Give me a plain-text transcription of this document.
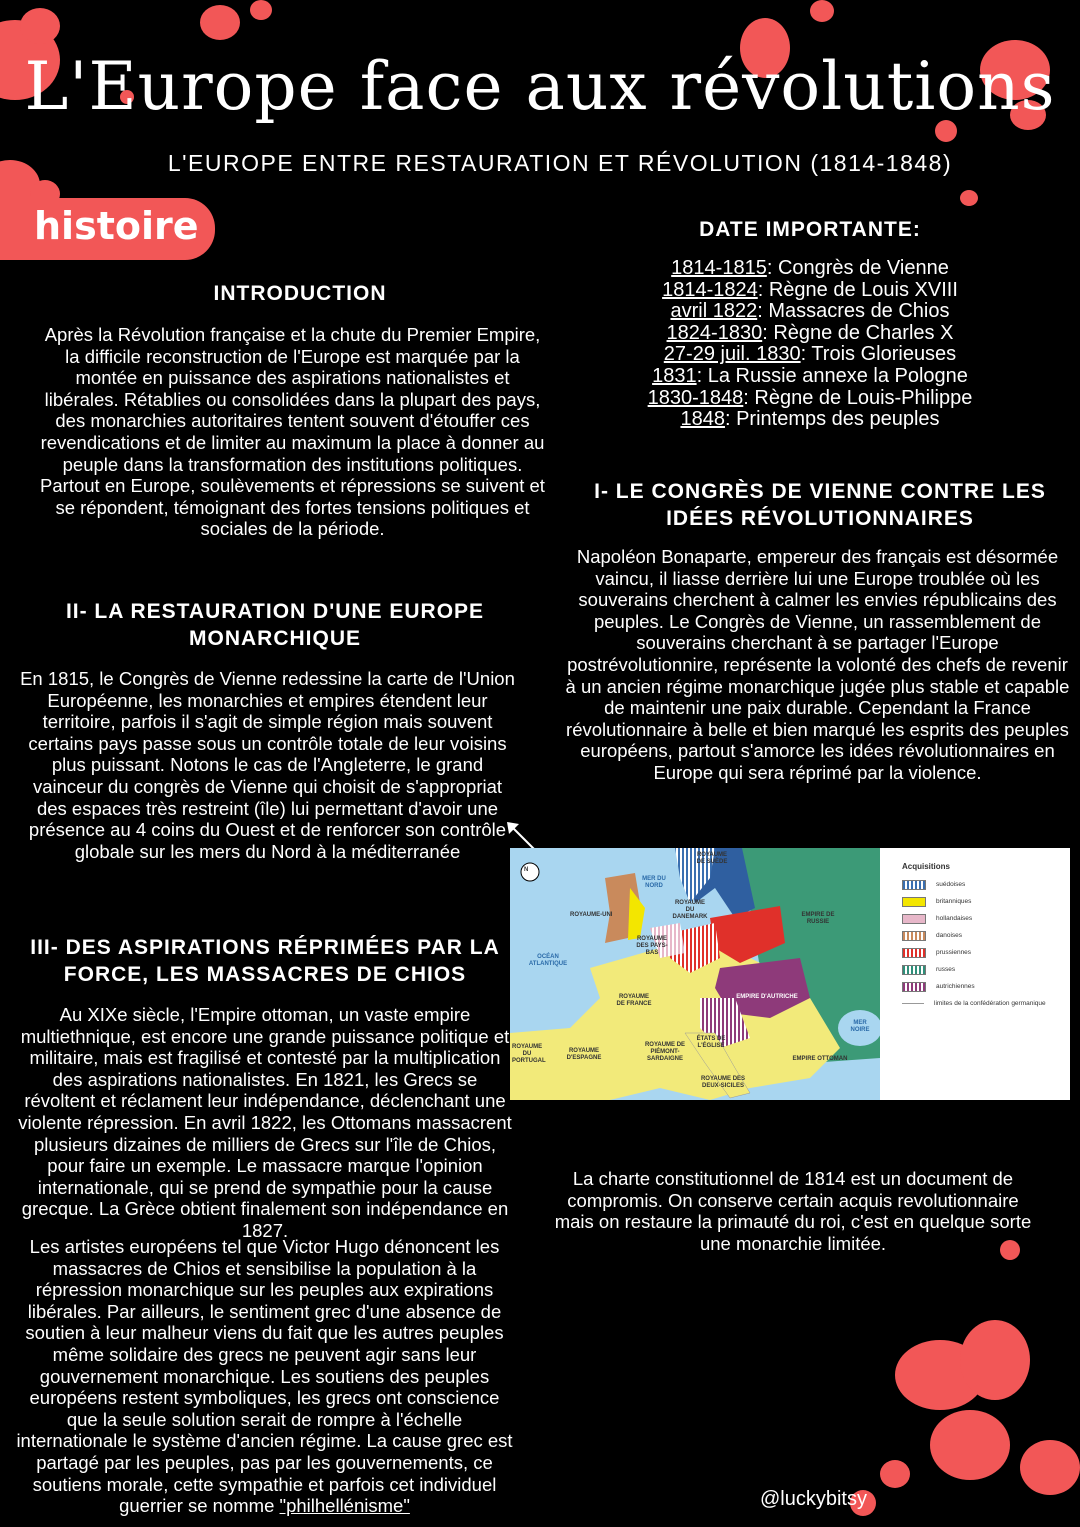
L'Europe face aux révolutions
L'EUROPE ENTRE RESTAURATION ET RÉVOLUTION (1814-1848)
histoire
INTRODUCTION

Après la Révolution française et la chute du Premier Empire, la difficile reconstruction de l'Europe est marquée par la montée en puissance des aspirations nationalistes et libérales. Rétablies ou consolidées dans la plupart des pays, des monarchies autoritaires tentent souvent d'étouffer ces revendications et de limiter au maximum la place à donner au peuple dans la transformation des institutions politiques. Partout en Europe, soulèvements et répressions se suivent et se répondent, témoignant des fortes tensions politiques et sociales de la période.

DATE IMPORTANTE:
1814-1815: Congrès de Vienne
1814-1824: Règne de Louis XVIII
avril 1822: Massacres de Chios
1824-1830: Règne de Charles X
27-29 juil. 1830: Trois Glorieuses
1831: La Russie annexe la Pologne
1830-1848: Règne de Louis-Philippe
1848: Printemps des peuples
I- LE CONGRÈS DE VIENNE CONTRE LES IDÉES RÉVOLUTIONNAIRES

Napoléon Bonaparte, empereur des français est désormée vaincu, il liasse derrière lui une Europe troublée où les souverains cherchent à calmer les envies républicains des peuples. Le Congrès de Vienne, un rassemblement de souverains cherchant à se partager l'Europe postrévolutionnire, représente la volonté des chefs de revenir à un ancien régime monarchique jugée plus stable et capable de maintenir une paix durable. Cependant la France révolutionnaire à belle et bien marqué les esprits des peuples européens, partout s'amorce les idées révolutionnaires en Europe qui sera réprimé par la violence.

II- LA RESTAURATION D'UNE EUROPE MONARCHIQUE

En 1815, le Congrès de Vienne redessine la carte de l'Union Européenne, les monarchies et empires étendent leur territoire, parfois il s'agit de simple région mais souvent certains pays passe sous un contrôle totale de leur voisins plus puissant. Notons le cas de l'Angleterre, le grand vainceur du congrès de Vienne qui choisit de s'appropriat des espaces très restreint (île) lui permettant d'avoir une présence au 4 coins du Ouest et de renforcer son contrôle globale sur les mers du Nord à la méditerranée

N
ROYAUME-UNI
MER DU NORD
ROYAUME DU DANEMARK
ROYAUME DE SUÈDE
EMPIRE DE RUSSIE
ROYAUME DES PAYS-BAS
OCÉAN ATLANTIQUE
ROYAUME DE FRANCE
EMPIRE D'AUTRICHE
ROYAUME DU PORTUGAL
ROYAUME D'ESPAGNE
ROYAUME DE PIÉMONT-SARDAIGNE
ÉTATS DE L'ÉGLISE
ROYAUME DES DEUX-SICILES
MER NOIRE
EMPIRE OTTOMAN
Acquisitions
suédoises
britanniques
hollandaises
danoises
prussiennes
russes
autrichiennes
limites de la confédération germanique
III- DES ASPIRATIONS RÉPRIMÉES PAR LA FORCE, LES MASSACRES DE CHIOS

Au XIXe siècle, l'Empire ottoman, un vaste empire multiethnique, est encore une grande puissance politique et militaire, mais est fragilisé et contesté par la multiplication des aspirations nationalistes. En 1821, les Grecs se révoltent et réclament leur indépendance, déclenchant une violente répression. En avril 1822, les Ottomans massacrent plusieurs dizaines de milliers de Grecs sur l'île de Chios, pour faire un exemple. Le massacre marque l'opinion internationale, qui se prend de sympathie pour la cause grecque. La Grèce obtient finalement son indépendance en 1827.

Les artistes européens tel que Victor Hugo dénoncent les massacres de Chios et sensibilise la population à la répression monarchique sur les peuples aux expirations libérales. Par ailleurs, le sentiment grec d'une absence de soutien à leur malheur viens du fait que les autres peuples même solidaire des grecs ne peuvent agir sans leur gouvernement monarchique. Les soutiens des peuples européens restent symboliques, les grecs ont conscience que la seule solution serait de rompre à l'échelle internationale le système d'ancien régime. La cause grec est partagé par les peuples, pas par les gouvernements, ce soutiens morale, cette sympathie et parfois cet individuel guerrier se nomme "philhellénisme"

La charte constitutionnel de 1814 est un document de compromis. On conserve certain acquis revolutionnaire mais on restaure la primauté du roi, c'est en quelque sorte une monarchie limitée.

@luckybitsy
